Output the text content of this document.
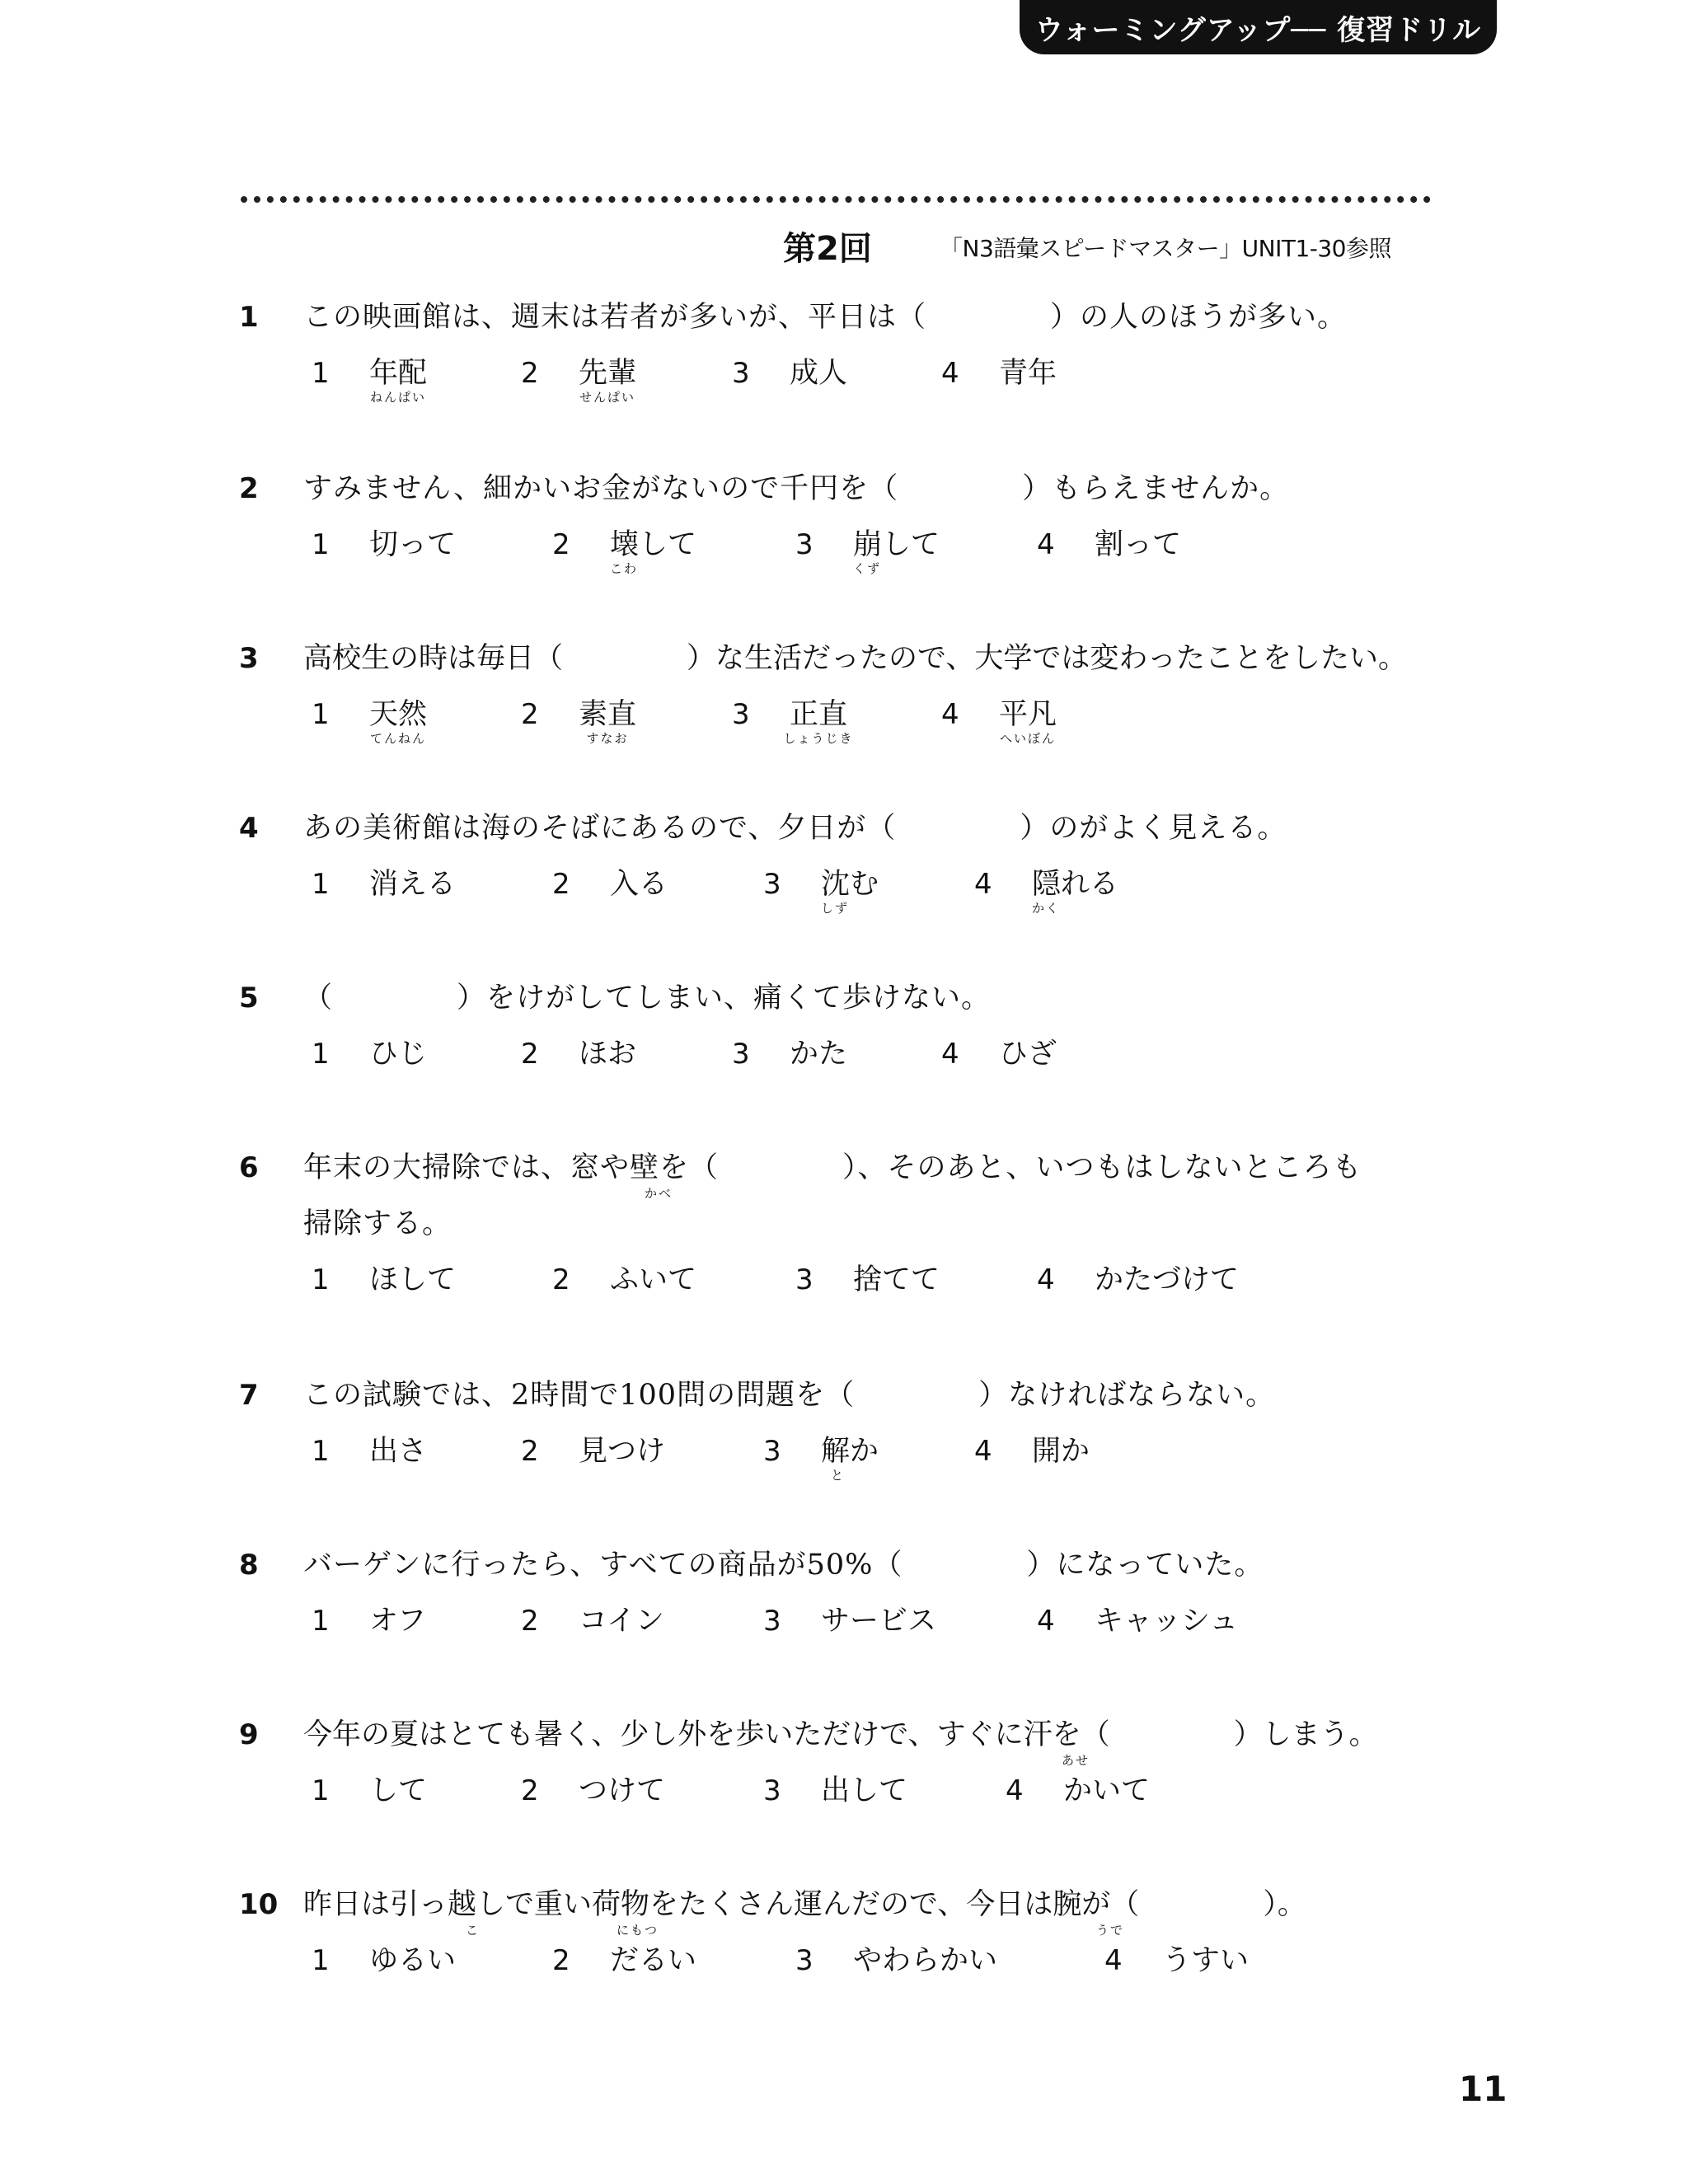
ウォーミングアップ── 復習ドリル
第2回	「N3語彙スピードマスター」UNIT1-30参照
1 この映画館は、週末は若者が多いが、平日は（	）の人のほうが多い。
1 年配
ねんぱい
2 先輩
せんぱい
3 成人	4 青年
2 すみません、細かいお金がないので千円を（	）もらえませんか。
1 切って	2 壊して
こわ
3 崩して
くず
4 割って
3 高校生の時は毎日（	）な生活だったので、大学では変わったことをしたい。
1 天然
てんねん
2 素直
すなお
3 正直
しょうじき
4 平凡
へいぼん
4 あの美術館は海のそばにあるので、夕日が（	）のがよく見える。
1 消える	2 入る	3 沈む
しず
4 隠れる
かく
5 （	）をけがしてしまい、痛くて歩けない。
1 ひじ	2 ほお	3 かた	4 ひざ
6 年末の大掃除では、窓や壁を（	）、そのあと、いつもはしないところも
かべ
掃除する。
1 ほして	2 ふいて	3 捨てて	4 かたづけて
7 この試験では、2時間で100問の問題を（	）なければならない。
1 出さ	2 見つけ	3 解か
と
4 開か
8 バーゲンに行ったら、すべての商品が50%（	）になっていた。
1 オフ	2 コイン	3 サービス	4 キャッシュ
9 今年の夏はとても暑く、少し外を歩いただけで、すぐに汗を（	）しまう。
あせ
1 して	2 つけて	3 出して	4 かいて
10 昨日は引っ越しで重い荷物をたくさん運んだので、今日は腕が（	）。
こ	にもつ	うで
1 ゆるい	2 だるい	3 やわらかい	4 うすい
11
